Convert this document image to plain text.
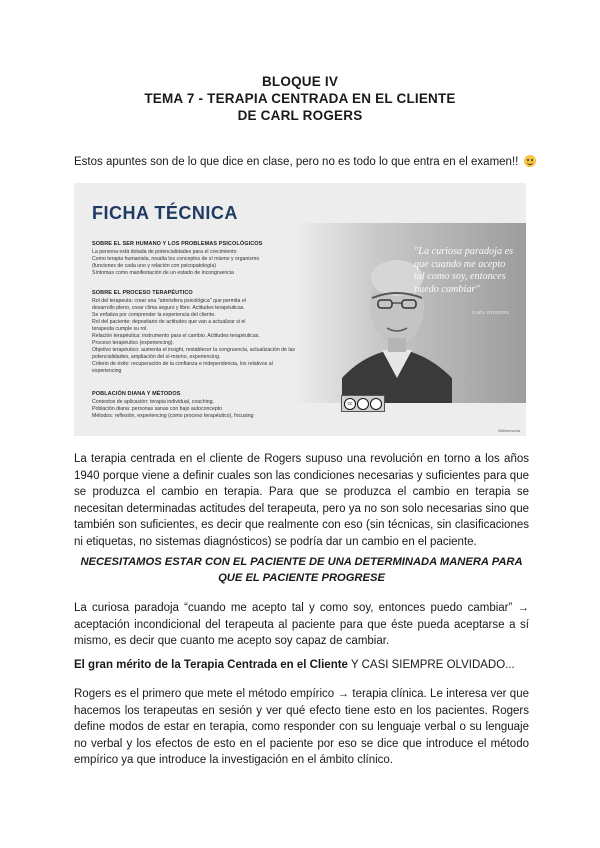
BLOQUE IV
TEMA 7 - TERAPIA CENTRADA EN EL CLIENTE
DE CARL ROGERS
Estos apuntes son de lo que dice en clase, pero no es todo lo que entra en el examen!!
FICHA TÉCNICA
SOBRE EL SER HUMANO Y LOS PROBLEMAS PSICOLÓGICOS
La persona está dotada de potencialidades para el crecimiento
Como terapia humanista, resalta los conceptos de sí mismo y organismo
(funciones de cada uno y relación con psicopatología)
Síntomas como manifestación de un estado de incongruencia
SOBRE EL PROCESO TERAPÉUTICO
Rol del terapeuta: crear una "atmósfera psicológica" que permita el
desarrollo pleno, crear clima seguro y libre. Actitudes terapéuticas.
Se enfatiza por comprender la experiencia del cliente.
Rol del paciente: depositario de actitudes que van a actualizar si el
terapeuta cumple su rol.
Relación terapéutica: instrumento para el cambio. Actitudes terapéuticas.
Proceso terapéutico (experiencing).
Objetivo terapéutico: aumenta el insight, restablecer la congruencia, actualización de las
potencialidades, ampliación del sí-mismo, experiencing.
Criterio de éxito: recuperación de la confianza e independencia, los relativos al
experiencing
POBLACIÓN DIANA Y MÉTODOS
Contextos de aplicación: terapia individual, coaching.
Población diana: personas sanas con bajo autoconcepto
Métodos: reflexión, experiencing (como proceso terapéutico), focusing
"La curiosa paradoja es que cuando me acepto tal como soy, entonces puedo cambiar"
CARL ROGERS
cc
Blibliomania
La terapia centrada en el cliente de Rogers supuso una revolución en torno a los años 1940 porque viene a definir cuales son las condiciones necesarias y suficientes para que se produzca el cambio en terapia. Para que se produzca el cambio en terapia se necesitan determinadas actitudes del terapeuta, pero ya no son solo necesarias sino que también son suficientes, es decir que realmente con eso (sin técnicas, sin clasificaciones ni etiquetas, no sistemas diagnósticos) se podría dar un cambio en el paciente.
NECESITAMOS ESTAR CON EL PACIENTE DE UNA DETERMINADA MANERA PARA QUE EL PACIENTE PROGRESE
La curiosa paradoja “cuando me acepto tal y como soy, entonces puedo cambiar” → aceptación incondicional del terapeuta al paciente para que éste pueda aceptarse a sí mismo, es decir que cuanto me acepto soy capaz de cambiar.
El gran mérito de la Terapia Centrada en el Cliente Y CASI SIEMPRE OLVIDADO...
Rogers es el primero que mete el método empírico → terapia clínica. Le interesa ver que hacemos los terapeutas en sesión y ver qué efecto tiene esto en los pacientes. Rogers define modos de estar en terapia, como responder con su lenguaje verbal o su lenguaje no verbal y los efectos de esto en el paciente por eso se dice que introduce el método empírico ya que introduce la investigación en el ámbito clínico.
